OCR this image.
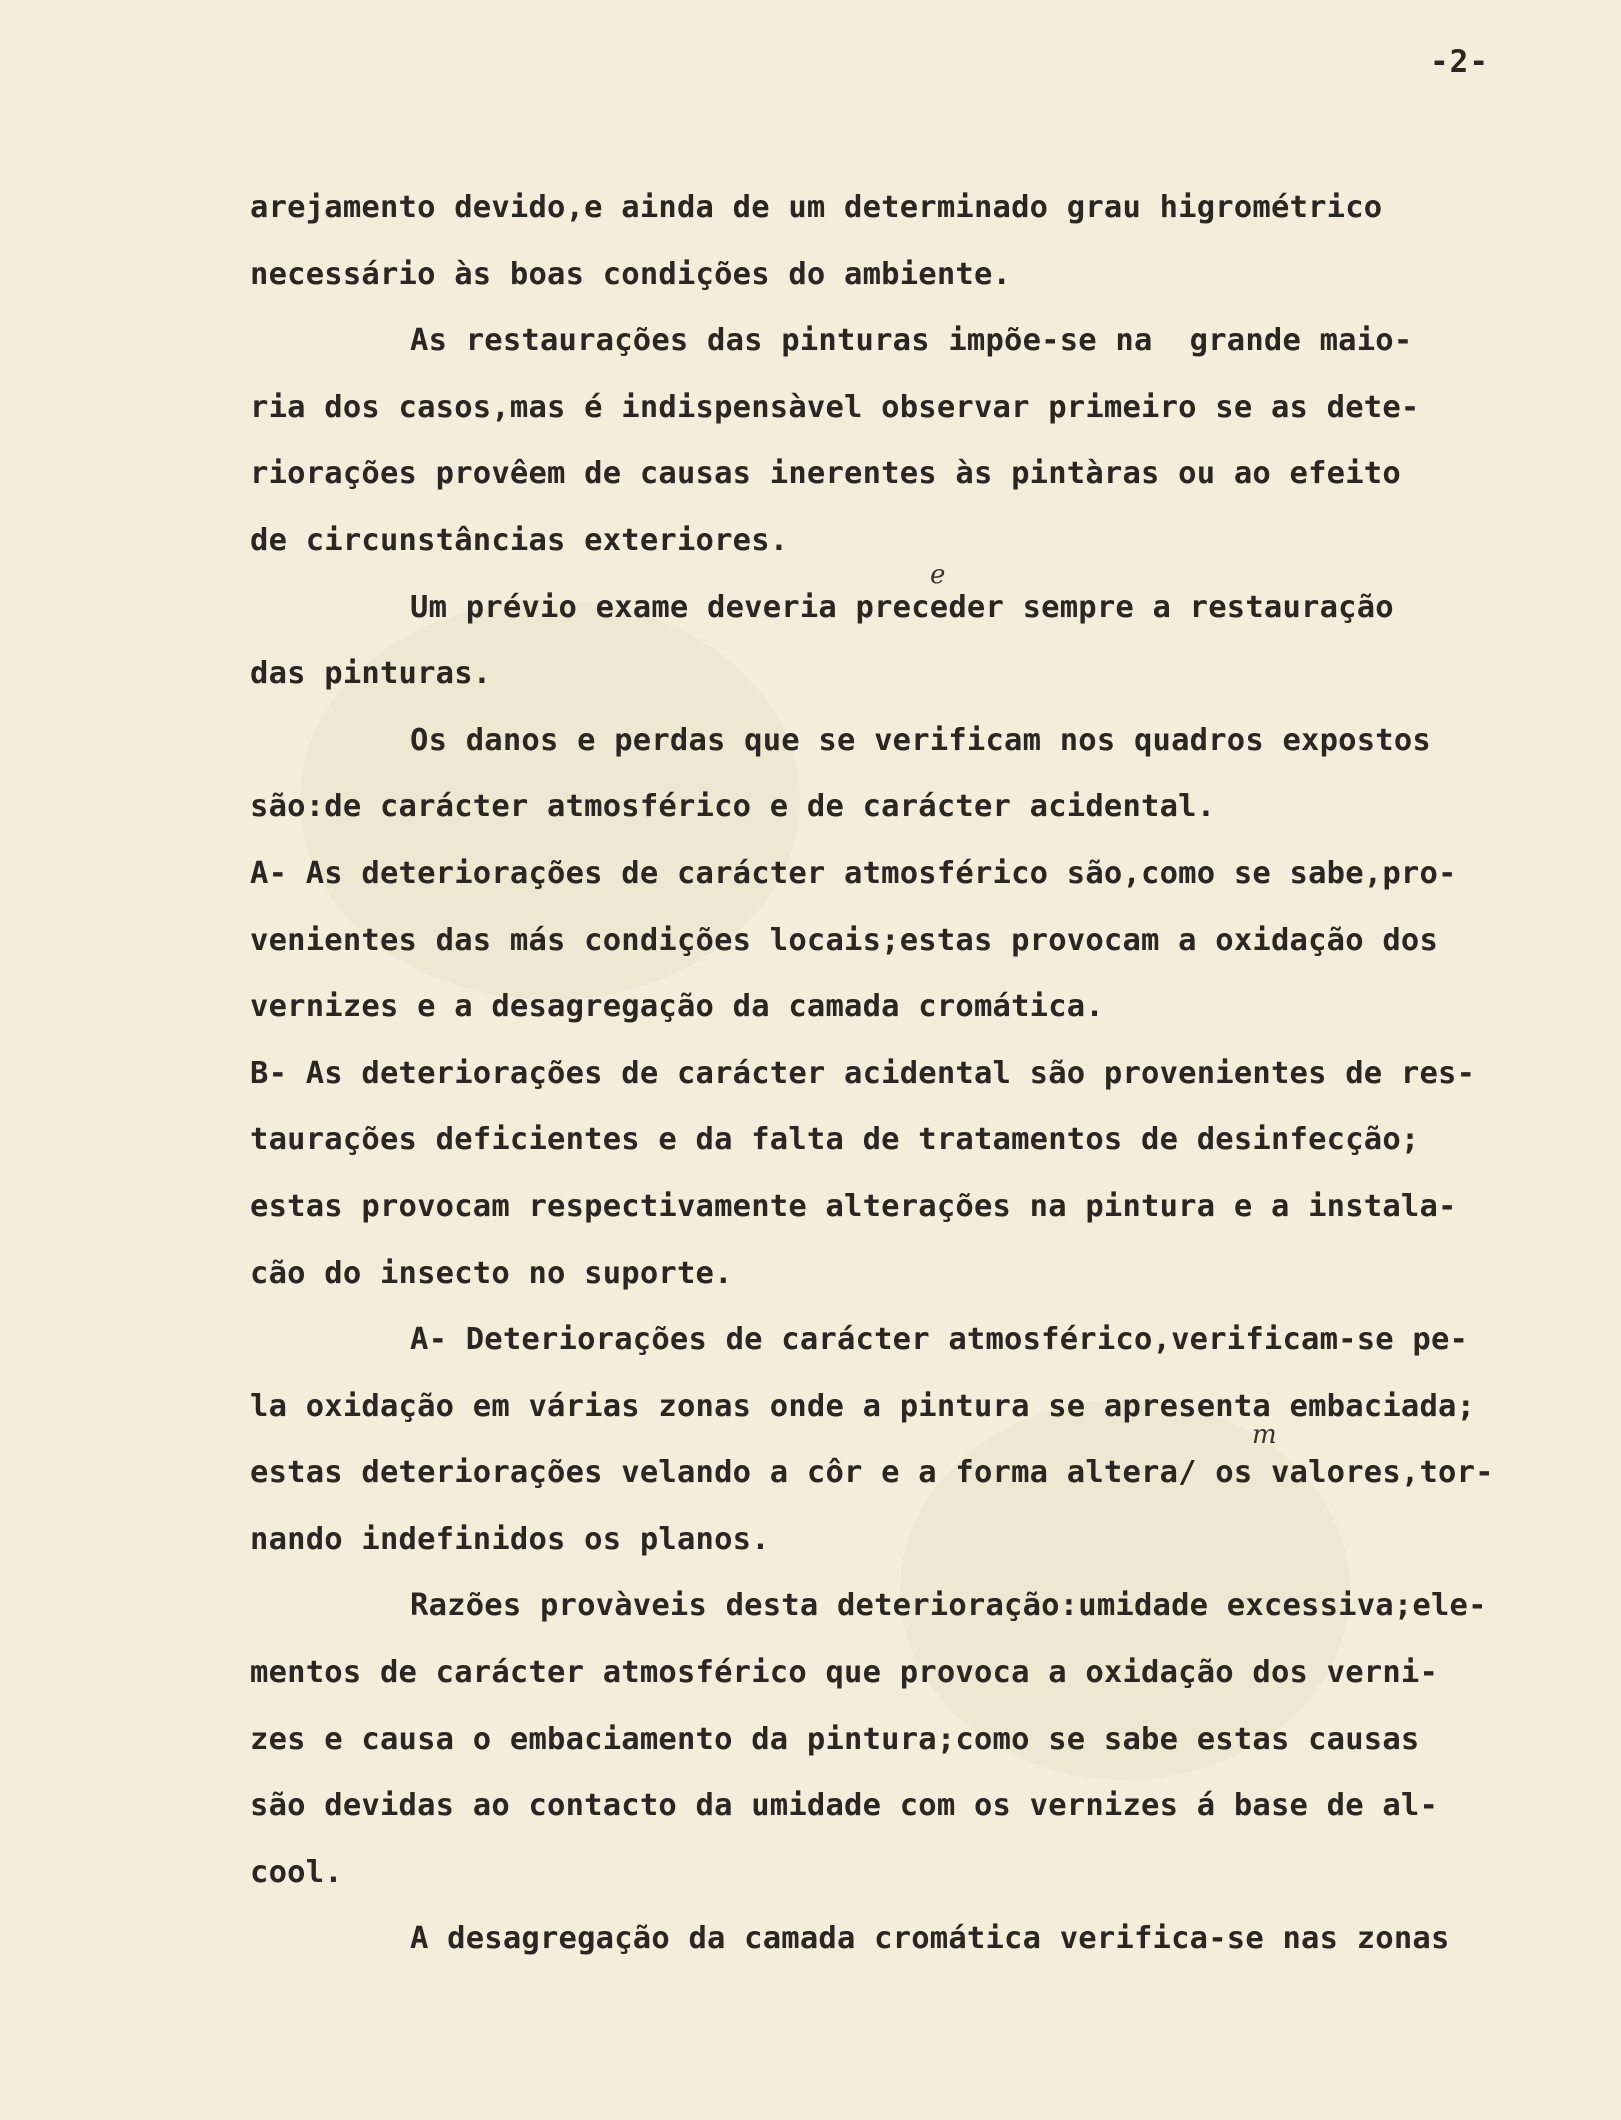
-2-
arejamento devido,e ainda de um determinado grau higrométrico
necessário às boas condições do ambiente.
As restaurações das pinturas impõe-se na  grande maio-
ria dos casos,mas é indispensàvel observar primeiro se as dete-
riorações provêem de causas inerentes às pintàras ou ao efeito
de circunstâncias exteriores.
Um prévio exame deveria preceder sempre a restauração
das pinturas.
Os danos e perdas que se verificam nos quadros expostos
são:de carácter atmosférico e de carácter acidental.
A- As deteriorações de carácter atmosférico são,como se sabe,pro-
venientes das más condições locais;estas provocam a oxidação dos
vernizes e a desagregação da camada cromática.
B- As deteriorações de carácter acidental são provenientes de res-
taurações deficientes e da falta de tratamentos de desinfecção;
estas provocam respectivamente alterações na pintura e a instala-
cão do insecto no suporte.
A- Deteriorações de carácter atmosférico,verificam-se pe-
la oxidação em várias zonas onde a pintura se apresenta embaciada;
estas deteriorações velando a côr e a forma altera/ os valores,tor-
nando indefinidos os planos.
Razões provàveis desta deterioração:umidade excessiva;ele-
mentos de carácter atmosférico que provoca a oxidação dos verni-
zes e causa o embaciamento da pintura;como se sabe estas causas
são devidas ao contacto da umidade com os vernizes á base de al-
cool.
A desagregação da camada cromática verifica-se nas zonas
e
m
